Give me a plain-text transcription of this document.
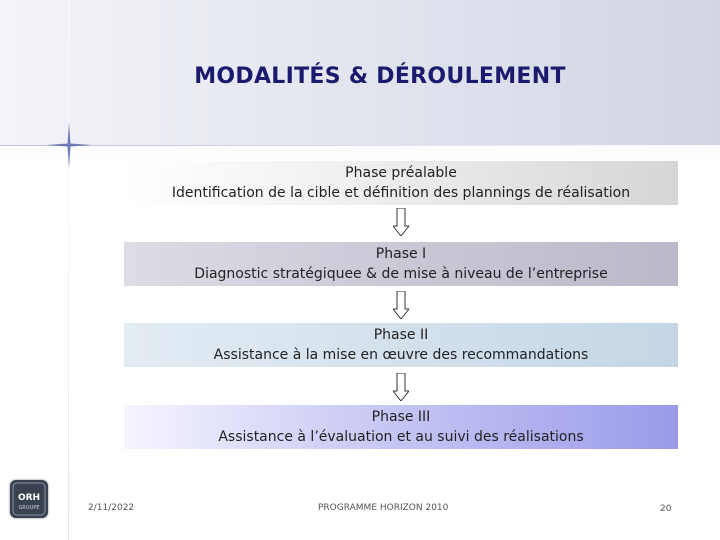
MODALITÉS & DÉROULEMENT
Phase préalable
Identification de la cible et définition des plannings de réalisation
Phase I
Diagnostic stratégiquee & de mise à niveau de l’entreprise
Phase II
Assistance à la mise en œuvre des recommandations
Phase III
Assistance à l’évaluation et au suivi des réalisations
ORH
GROUPE	2/11/2022	PROGRAMME HORIZON 2010	20
